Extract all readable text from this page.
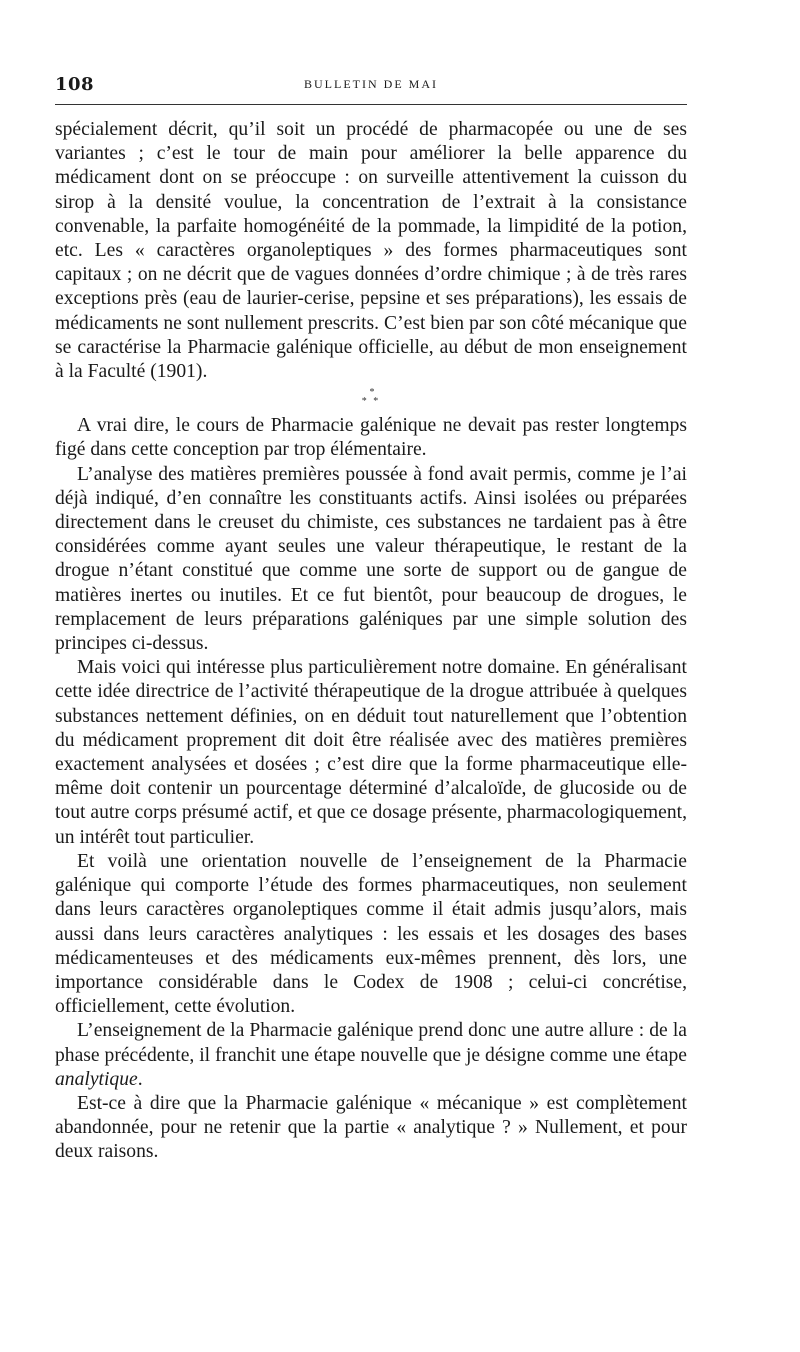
108	BULLETIN DE MAI

spécialement décrit, qu’il soit un procédé de pharmacopée ou une de ses variantes ; c’est le tour de main pour améliorer la belle apparence du médicament dont on se préoccupe : on surveille attentivement la cuisson du sirop à la densité voulue, la concentration de l’extrait à la consistance convenable, la parfaite homogénéité de la pommade, la limpidité de la potion, etc. Les « caractères organoleptiques » des formes pharmaceutiques sont capitaux ; on ne décrit que de vagues données d’ordre chimique ; à de très rares exceptions près (eau de laurier-cerise, pepsine et ses préparations), les essais de médicaments ne sont nullement prescrits. C’est bien par son côté mécanique que se caractérise la Pharmacie galénique officielle, au début de mon enseignement à la Faculté (1901).

*
* *

A vrai dire, le cours de Pharmacie galénique ne devait pas rester longtemps figé dans cette conception par trop élémentaire.

L’analyse des matières premières poussée à fond avait permis, comme je l’ai déjà indiqué, d’en connaître les constituants actifs. Ainsi isolées ou préparées directement dans le creuset du chimiste, ces substances ne tardaient pas à être considérées comme ayant seules une valeur thérapeutique, le restant de la drogue n’étant constitué que comme une sorte de support ou de gangue de matières inertes ou inutiles. Et ce fut bientôt, pour beaucoup de drogues, le remplacement de leurs préparations galéniques par une simple solution des principes ci-dessus.

Mais voici qui intéresse plus particulièrement notre domaine. En généralisant cette idée directrice de l’activité thérapeutique de la drogue attribuée à quelques substances nettement définies, on en déduit tout naturellement que l’obtention du médicament proprement dit doit être réalisée avec des matières premières exactement analysées et dosées ; c’est dire que la forme pharmaceutique elle-même doit contenir un pourcentage déterminé d’alcaloïde, de glucoside ou de tout autre corps présumé actif, et que ce dosage présente, pharmacologiquement, un intérêt tout particulier.

Et voilà une orientation nouvelle de l’enseignement de la Pharmacie galénique qui comporte l’étude des formes pharmaceutiques, non seulement dans leurs caractères organoleptiques comme il était admis jusqu’alors, mais aussi dans leurs caractères analytiques : les essais et les dosages des bases médicamenteuses et des médicaments eux-mêmes prennent, dès lors, une importance considérable dans le Codex de 1908 ; celui-ci concrétise, officiellement, cette évolution.

L’enseignement de la Pharmacie galénique prend donc une autre allure : de la phase précédente, il franchit une étape nouvelle que je désigne comme une étape analytique.

Est-ce à dire que la Pharmacie galénique « mécanique » est complètement abandonnée, pour ne retenir que la partie « analytique ? » Nullement, et pour deux raisons.
